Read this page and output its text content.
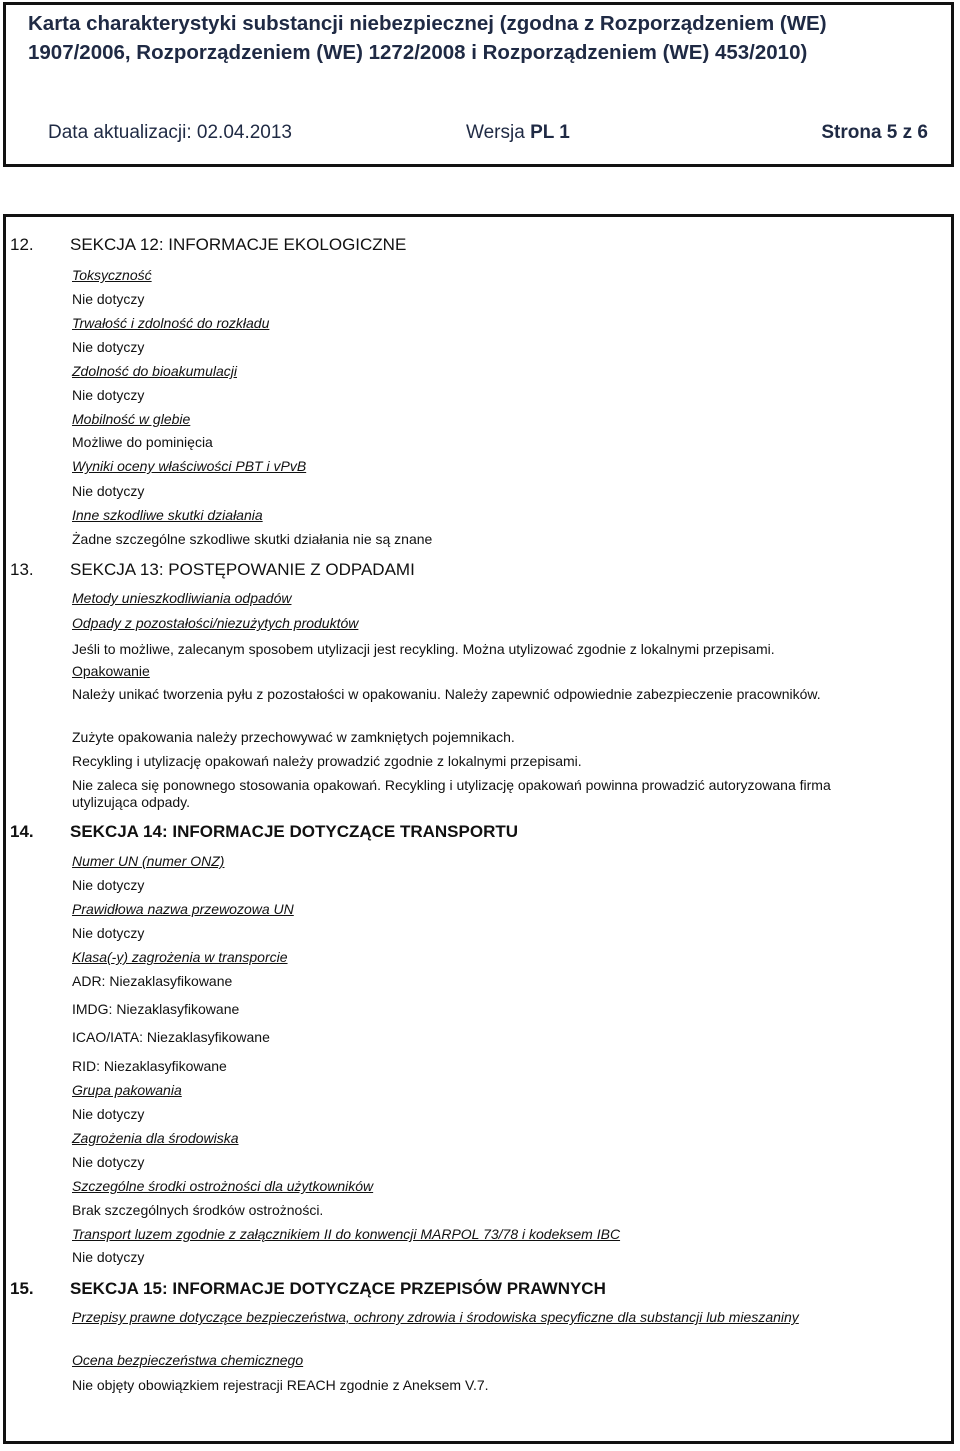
Karta charakterystyki substancji niebezpiecznej (zgodna z Rozporządzeniem (WE)
1907/2006, Rozporządzeniem (WE) 1272/2008 i Rozporządzeniem (WE) 453/2010)
Data aktualizacji: 02.04.2013	Wersja PL 1	Strona 5 z 6
12. SEKCJA 12: INFORMACJE EKOLOGICZNE
Toksyczność
Nie dotyczy
Trwałość i zdolność do rozkładu
Nie dotyczy
Zdolność do bioakumulacji
Nie dotyczy
Mobilność w glebie
Możliwe do pominięcia
Wyniki oceny właściwości PBT i vPvB
Nie dotyczy
Inne szkodliwe skutki działania
Żadne szczególne szkodliwe skutki działania nie są znane
13. SEKCJA 13: POSTĘPOWANIE Z ODPADAMI
Metody unieszkodliwiania odpadów
Odpady z pozostałości/niezużytych produktów
Jeśli to możliwe, zalecanym sposobem utylizacji jest recykling. Można utylizować zgodnie z lokalnymi przepisami.
Opakowanie
Należy unikać tworzenia pyłu z pozostałości w opakowaniu. Należy zapewnić odpowiednie zabezpieczenie pracowników.
Zużyte opakowania należy przechowywać w zamkniętych pojemnikach.
Recykling i utylizację opakowań należy prowadzić zgodnie z lokalnymi przepisami.
Nie zaleca się ponownego stosowania opakowań. Recykling i utylizację opakowań powinna prowadzić autoryzowana firma utylizująca odpady.
14. SEKCJA 14: INFORMACJE DOTYCZĄCE TRANSPORTU
Numer UN (numer ONZ)
Nie dotyczy
Prawidłowa nazwa przewozowa UN
Nie dotyczy
Klasa(-y) zagrożenia w transporcie
ADR: Niezaklasyfikowane
IMDG: Niezaklasyfikowane
ICAO/IATA: Niezaklasyfikowane
RID: Niezaklasyfikowane
Grupa pakowania
Nie dotyczy
Zagrożenia dla środowiska
Nie dotyczy
Szczególne środki ostrożności dla użytkowników
Brak szczególnych środków ostrożności.
Transport luzem zgodnie z załącznikiem II do konwencji MARPOL 73/78 i kodeksem IBC
Nie dotyczy
15. SEKCJA 15: INFORMACJE DOTYCZĄCE PRZEPISÓW PRAWNYCH
Przepisy prawne dotyczące bezpieczeństwa, ochrony zdrowia i środowiska specyficzne dla substancji lub mieszaniny
Ocena bezpieczeństwa chemicznego
Nie objęty obowiązkiem rejestracji REACH zgodnie z Aneksem V.7.
